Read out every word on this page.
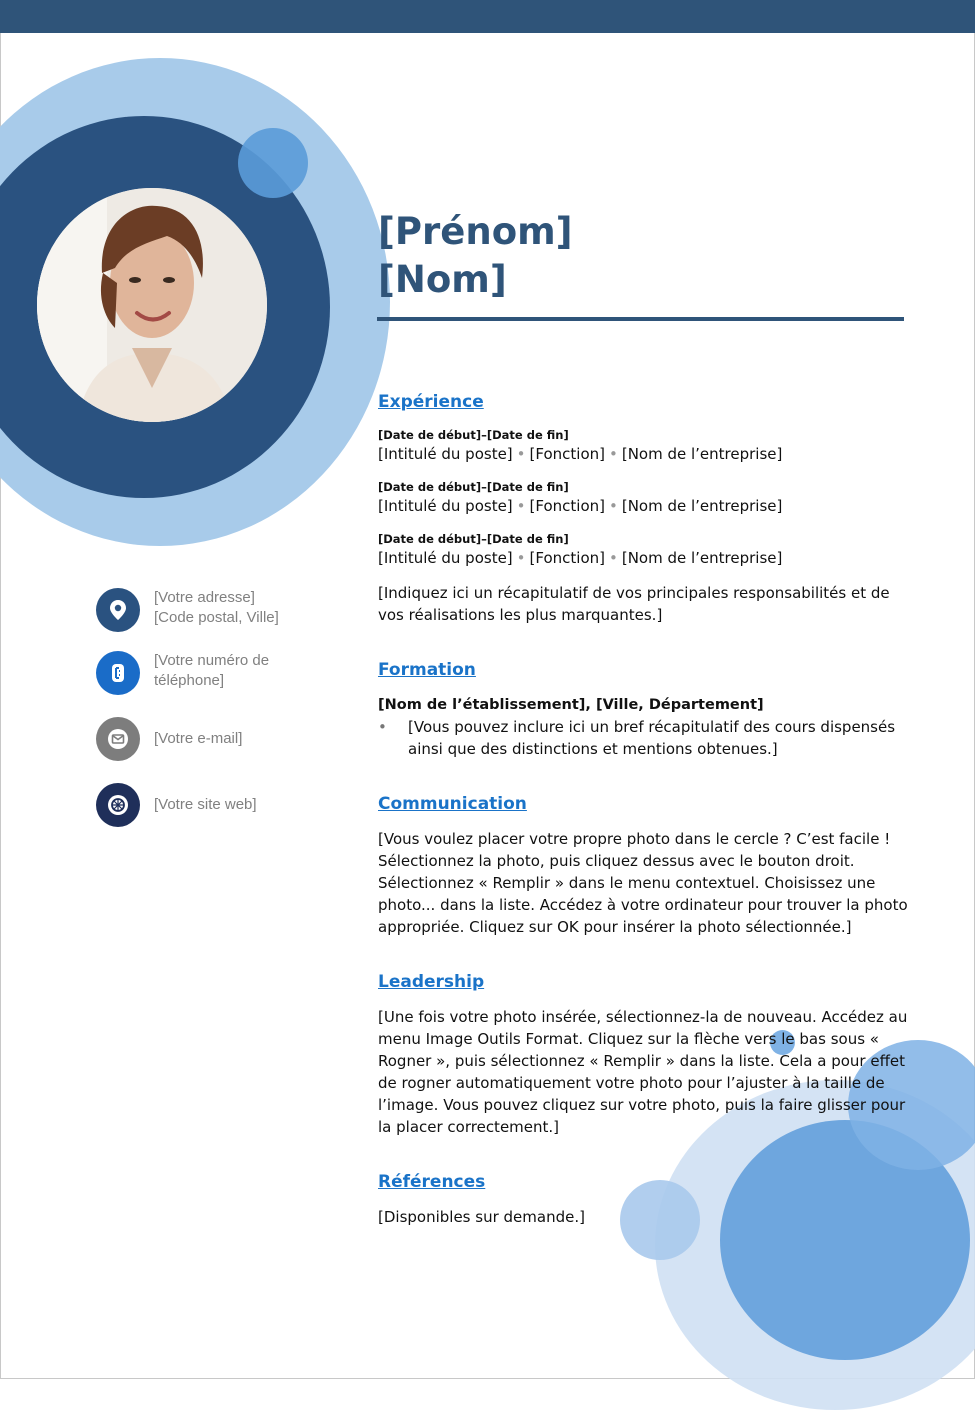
[Prénom]
[Nom]
[Votre adresse]
[Code postal, Ville]
[Votre numéro de
téléphone]
[Votre e-mail]
[Votre site web]
Expérience
[Date de début]–[Date de fin]
[Intitulé du poste] • [Fonction] • [Nom de l’entreprise]
[Date de début]–[Date de fin]
[Intitulé du poste] • [Fonction] • [Nom de l’entreprise]
[Date de début]–[Date de fin]
[Intitulé du poste] • [Fonction] • [Nom de l’entreprise]

[Indiquez ici un récapitulatif de vos principales responsabilités et de vos réalisations les plus marquantes.]

Formation
[Nom de l’établissement], [Ville, Département]
•	[Vous pouvez inclure ici un bref récapitulatif des cours dispensés ainsi que des distinctions et mentions obtenues.]
Communication

[Vous voulez placer votre propre photo dans le cercle ? C’est facile ! Sélectionnez la photo, puis cliquez dessus avec le bouton droit. Sélectionnez « Remplir » dans le menu contextuel. Choisissez une photo... dans la liste. Accédez à votre ordinateur pour trouver la photo appropriée. Cliquez sur OK pour insérer la photo sélectionnée.]

Leadership

[Une fois votre photo insérée, sélectionnez-la de nouveau. Accédez au menu Image Outils Format. Cliquez sur la flèche vers le bas sous « Rogner », puis sélectionnez « Remplir » dans la liste. Cela a pour effet de rogner automatiquement votre photo pour l’ajuster à la taille de l’image. Vous pouvez cliquez sur votre photo, puis la faire glisser pour la placer correctement.]

Références

[Disponibles sur demande.]
